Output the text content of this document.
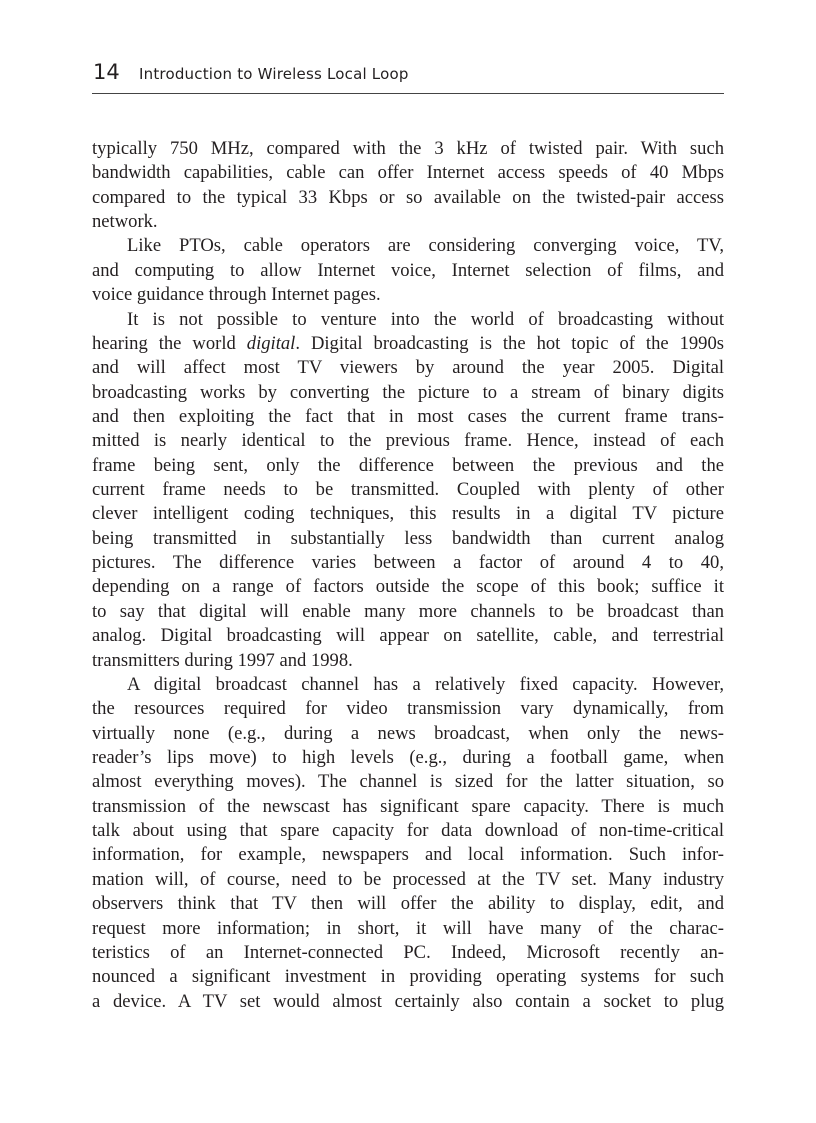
14 Introduction to Wireless Local Loop
typically 750 MHz, compared with the 3 kHz of twisted pair. With such
bandwidth capabilities, cable can offer Internet access speeds of 40 Mbps
compared to the typical 33 Kbps or so available on the twisted-pair access
network.
Like PTOs, cable operators are considering converging voice, TV,
and computing to allow Internet voice, Internet selection of films, and
voice guidance through Internet pages.
It is not possible to venture into the world of broadcasting without
hearing the world digital. Digital broadcasting is the hot topic of the 1990s
and will affect most TV viewers by around the year 2005. Digital
broadcasting works by converting the picture to a stream of binary digits
and then exploiting the fact that in most cases the current frame trans-
mitted is nearly identical to the previous frame. Hence, instead of each
frame being sent, only the difference between the previous and the
current frame needs to be transmitted. Coupled with plenty of other
clever intelligent coding techniques, this results in a digital TV picture
being transmitted in substantially less bandwidth than current analog
pictures. The difference varies between a factor of around 4 to 40,
depending on a range of factors outside the scope of this book; suffice it
to say that digital will enable many more channels to be broadcast than
analog. Digital broadcasting will appear on satellite, cable, and terrestrial
transmitters during 1997 and 1998.
A digital broadcast channel has a relatively fixed capacity. However,
the resources required for video transmission vary dynamically, from
virtually none (e.g., during a news broadcast, when only the news-
reader’s lips move) to high levels (e.g., during a football game, when
almost everything moves). The channel is sized for the latter situation, so
transmission of the newscast has significant spare capacity. There is much
talk about using that spare capacity for data download of non-time-critical
information, for example, newspapers and local information. Such infor-
mation will, of course, need to be processed at the TV set. Many industry
observers think that TV then will offer the ability to display, edit, and
request more information; in short, it will have many of the charac-
teristics of an Internet-connected PC. Indeed, Microsoft recently an-
nounced a significant investment in providing operating systems for such
a device. A TV set would almost certainly also contain a socket to plug
